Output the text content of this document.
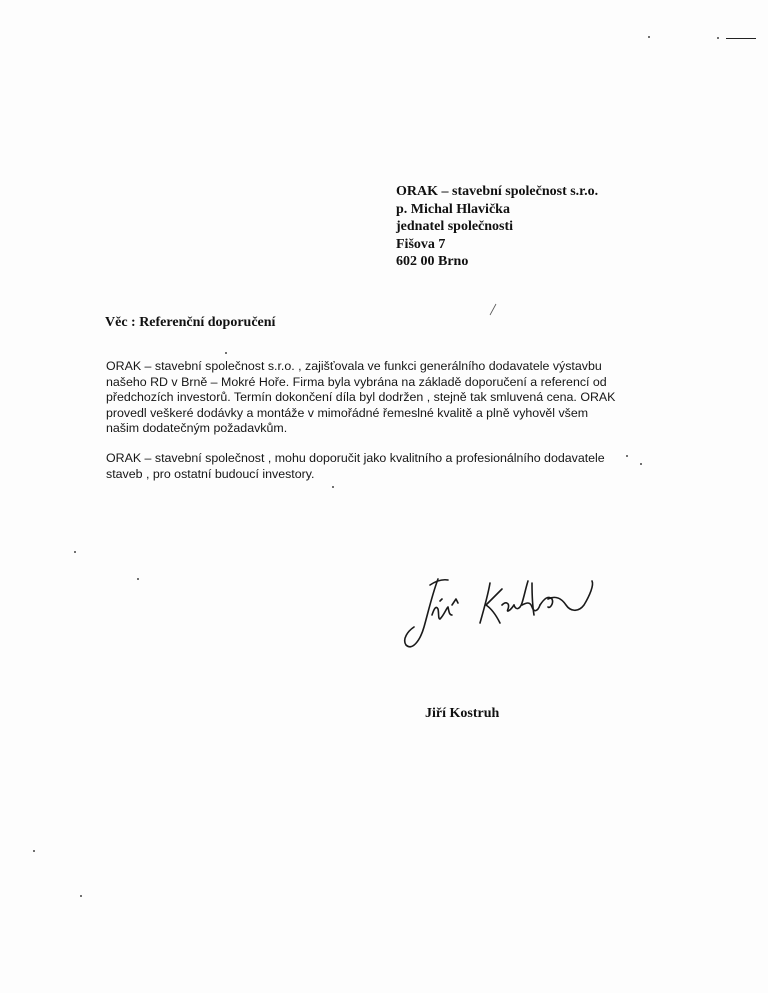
ORAK – stavební společnost s.r.o.
p. Michal Hlavička
jednatel společnosti
Fišova 7
602 00 Brno
Věc : Referenční doporučení
ORAK – stavební společnost s.r.o. , zajišťovala ve funkci generálního dodavatele výstavbu
našeho RD v Brně – Mokré Hoře. Firma byla vybrána na základě doporučení a referencí od
předchozích investorů. Termín dokončení díla byl dodržen , stejně tak smluvená cena. ORAK
provedl veškeré dodávky a montáže v mimořádné řemeslné kvalitě a plně vyhověl všem
našim dodatečným požadavkům.
ORAK – stavební společnost , mohu doporučit jako kvalitního a profesionálního dodavatele
staveb , pro ostatní budoucí investory.
Jiří Kostruh
